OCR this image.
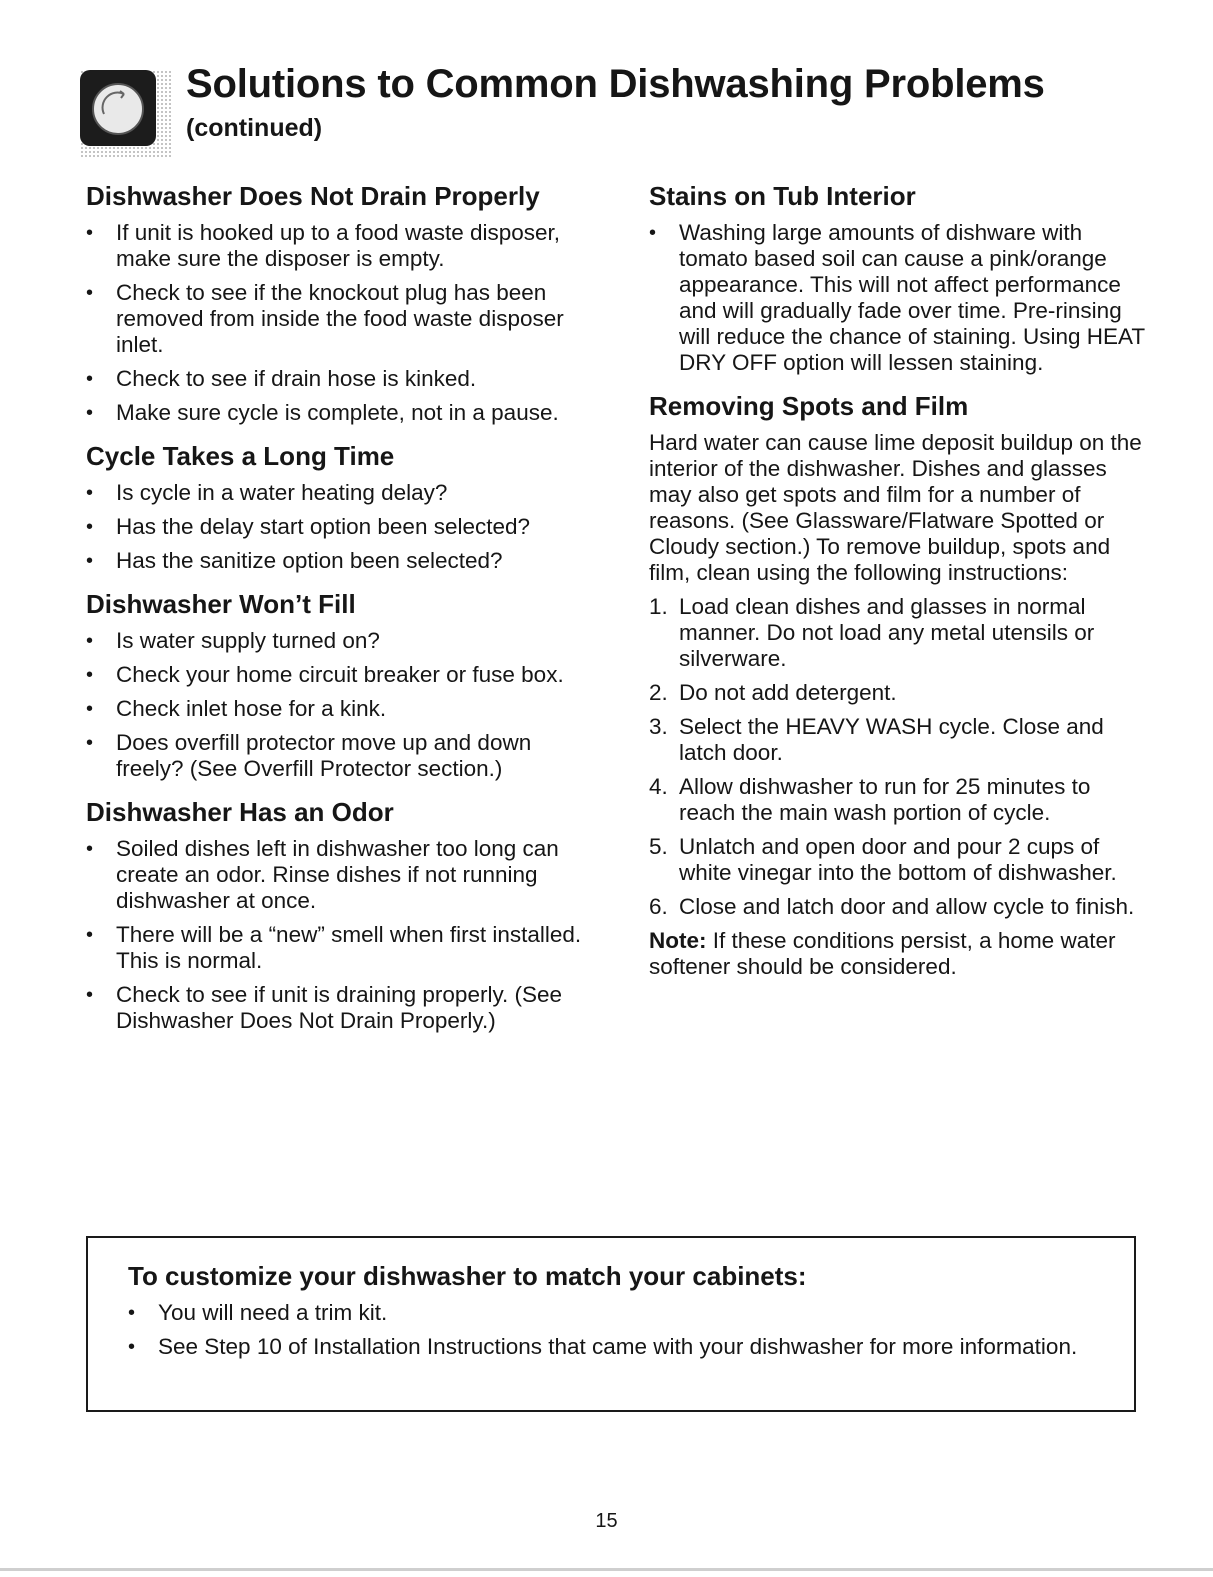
Solutions to Common Dishwashing Problems
(continued)
Dishwasher Does Not Drain Properly
• If unit is hooked up to a food waste disposer, make sure the disposer is empty.
• Check to see if the knockout plug has been removed from inside the food waste disposer inlet.
• Check to see if drain hose is kinked.
• Make sure cycle is complete, not in a pause.
Cycle Takes a Long Time
• Is cycle in a water heating delay?
• Has the delay start option been selected?
• Has the sanitize option been selected?
Dishwasher Won’t Fill
• Is water supply turned on?
• Check your home circuit breaker or fuse box.
• Check inlet hose for a kink.
• Does overfill protector move up and down freely? (See Overfill Protector section.)
Dishwasher Has an Odor
• Soiled dishes left in dishwasher too long can create an odor. Rinse dishes if not running dishwasher at once.
• There will be a “new” smell when first installed. This is normal.
• Check to see if unit is draining properly. (See Dishwasher Does Not Drain Properly.)
Stains on Tub Interior
• Washing large amounts of dishware with tomato based soil can cause a pink/orange appearance. This will not affect performance and will gradually fade over time. Pre-rinsing will reduce the chance of staining. Using HEAT DRY OFF option will lessen staining.
Removing Spots and Film

Hard water can cause lime deposit buildup on the interior of the dishwasher. Dishes and glasses may also get spots and film for a number of reasons. (See Glassware/Flatware Spotted or Cloudy section.) To remove buildup, spots and film, clean using the following instructions:

1. Load clean dishes and glasses in normal manner. Do not load any metal utensils or silverware.
2. Do not add detergent.
3. Select the HEAVY WASH cycle. Close and latch door.
4. Allow dishwasher to run for 25 minutes to reach the main wash portion of cycle.
5. Unlatch and open door and pour 2 cups of white vinegar into the bottom of dishwasher.
6. Close and latch door and allow cycle to finish.

Note: If these conditions persist, a home water softener should be considered.

To customize your dishwasher to match your cabinets:
• You will need a trim kit.
• See Step 10 of Installation Instructions that came with your dishwasher for more information.
15
